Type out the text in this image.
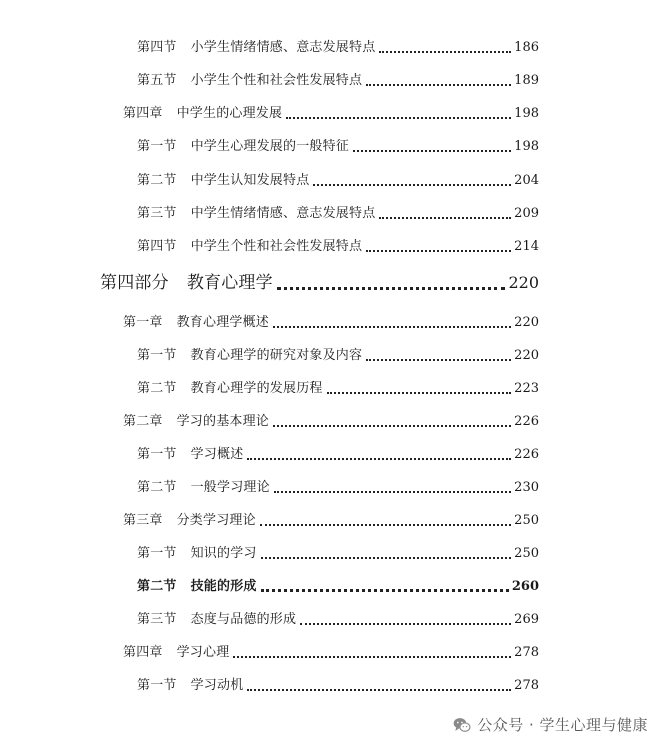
第四节 小学生情绪情感、意志发展特点	186
第五节 小学生个性和社会性发展特点	189
第四章 中学生的心理发展	198
第一节 中学生心理发展的一般特征	198
第二节 中学生认知发展特点	204
第三节 中学生情绪情感、意志发展特点	209
第四节 中学生个性和社会性发展特点	214
第四部分 教育心理学	220
第一章 教育心理学概述	220
第一节 教育心理学的研究对象及内容	220
第二节 教育心理学的发展历程	223
第二章 学习的基本理论	226
第一节 学习概述	226
第二节 一般学习理论	230
第三章 分类学习理论	250
第一节 知识的学习	250
第二节 技能的形成	260
第三节 态度与品德的形成	269
第四章 学习心理	278
第一节 学习动机	278
公众号 · 学生心理与健康
